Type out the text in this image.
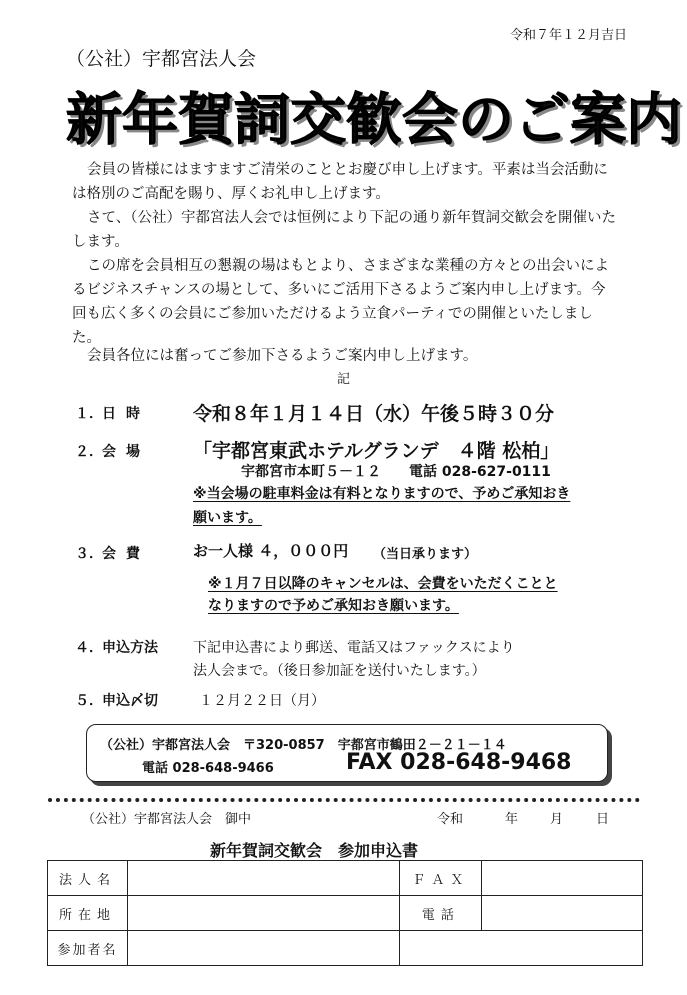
令和７年１２月吉日
（公社）宇都宮法人会
新年賀詞交歓会のご案内
会員の皆様にはますますご清栄のこととお慶び申し上げます。平素は当会活動には格別のご高配を賜り、厚くお礼申し上げます。
さて、（公社）宇都宮法人会では恒例により下記の通り新年賀詞交歓会を開催いたします。
この席を会員相互の懇親の場はもとより、さまざまな業種の方々との出会いによるビジネスチャンスの場として、多いにご活用下さるようご案内申し上げます。今回も広く多くの会員にご参加いただけるよう立食パーティでの開催といたしました。
会員各位には奮ってご参加下さるようご案内申し上げます。
記
１． 日時 令和８年１月１４日（水）午後５時３０分
２． 会場 「宇都宮東武ホテルグランデ　４階 松柏」
宇都宮市本町５－１２　　電話 028-627-0111
※当会場の駐車料金は有料となりますので、予めご承知おき
願います。
３． 会費	お一人様 ４，０００円 （当日承ります）
※１月７日以降のキャンセルは、会費をいただくことと
なりますので予めご承知おき願います。
４． 申込方法	下記申込書により郵送、電話又はファックスにより
法人会まで。（後日参加証を送付いたします。）
５． 申込〆切	１２月２２日（月）
（公社）宇都宮法人会　〒320-0857　宇都宮市鶴田２－２１－１４
電話 028-648-9466	FAX 028-648-9468
（公社）宇都宮法人会　御中	令和	年 月	日
新年賀詞交歓会　参加申込書
法人名		ＦＡＸ	
所在地		電話	
参加者名			
